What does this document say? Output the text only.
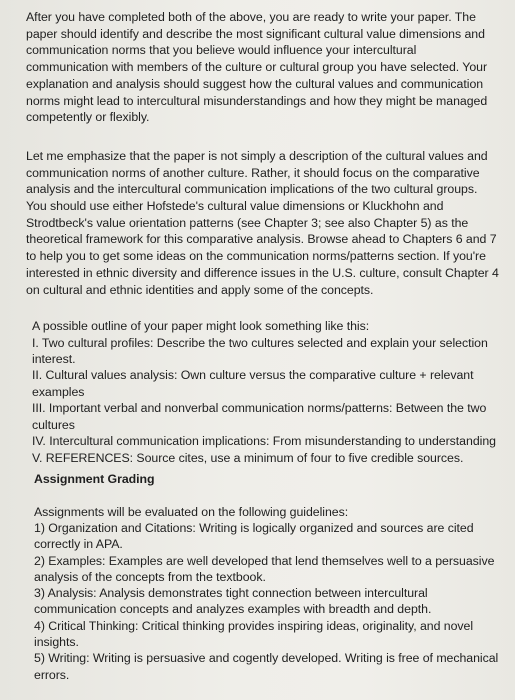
After you have completed both of the above, you are ready to write your paper. The paper should identify and describe the most significant cultural value dimensions and communication norms that you believe would influence your intercultural communication with members of the culture or cultural group you have selected. Your explanation and analysis should suggest how the cultural values and communication norms might lead to intercultural misunderstandings and how they might be managed competently or flexibly.

Let me emphasize that the paper is not simply a description of the cultural values and communication norms of another culture. Rather, it should focus on the comparative analysis and the intercultural communication implications of the two cultural groups. You should use either Hofstede's cultural value dimensions or Kluckhohn and Strodtbeck's value orientation patterns (see Chapter 3; see also Chapter 5) as the theoretical framework for this comparative analysis. Browse ahead to Chapters 6 and 7 to help you to get some ideas on the communication norms/patterns section. If you're interested in ethnic diversity and difference issues in the U.S. culture, consult Chapter 4 on cultural and ethnic identities and apply some of the concepts.

A possible outline of your paper might look something like this:

I. Two cultural profiles: Describe the two cultures selected and explain your selection interest.

II. Cultural values analysis: Own culture versus the comparative culture + relevant examples

III. Important verbal and nonverbal communication norms/patterns: Between the two cultures

IV. Intercultural communication implications: From misunderstanding to understanding

V. REFERENCES: Source cites, use a minimum of four to five credible sources.

Assignment Grading

Assignments will be evaluated on the following guidelines:

1) Organization and Citations: Writing is logically organized and sources are cited correctly in APA.

2) Examples: Examples are well developed that lend themselves well to a persuasive analysis of the concepts from the textbook.

3) Analysis: Analysis demonstrates tight connection between intercultural communication concepts and analyzes examples with breadth and depth.

4) Critical Thinking: Critical thinking provides inspiring ideas, originality, and novel insights.

5) Writing: Writing is persuasive and cogently developed. Writing is free of mechanical errors.
